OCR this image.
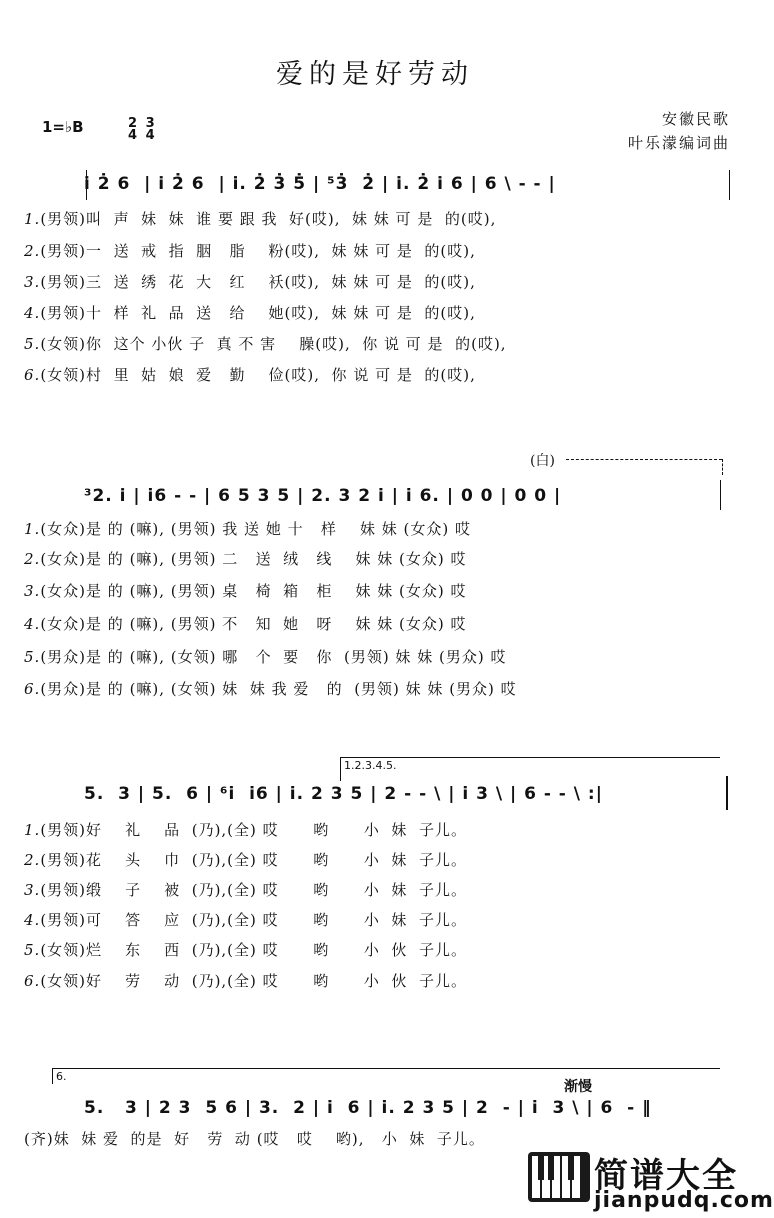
爱的是好劳动
1=♭B	2
4 3
4
安徽民歌
叶乐濛编词曲
i̇ 2̇ 6  | i̇ 2̇ 6  | i̇. 2̇ 3̇ 5̇ | ⁵3̇  2̇ | i̇. 2̇ i̇ 6 | 6 \ - - |
1.(男领)叫  声  妹  妹  谁 要 跟 我  好(哎),  妹 妹 可 是  的(哎),
2.(男领)一  送  戒  指  胭   脂    粉(哎),  妹 妹 可 是  的(哎),
3.(男领)三  送  绣  花  大   红    袄(哎),  妹 妹 可 是  的(哎),
4.(男领)十  样  礼  品  送   给    她(哎),  妹 妹 可 是  的(哎),
5.(女领)你  这个 小伙 子  真 不 害    臊(哎),  你 说 可 是  的(哎),
6.(女领)村  里  姑  娘  爱   勤    俭(哎),  你 说 可 是  的(哎),
(白)
³2. i̇ | i6 - - | 6 5 3 5 | 2. 3 2 i | i 6. | 0 0 | 0 0 |
1.(女众)是 的 (嘛), (男领) 我 送 她 十   样    妹 妹 (女众) 哎
2.(女众)是 的 (嘛), (男领) 二   送  绒   线    妹 妹 (女众) 哎
3.(女众)是 的 (嘛), (男领) 桌   椅  箱   柜    妹 妹 (女众) 哎
4.(女众)是 的 (嘛), (男领) 不   知  她   呀    妹 妹 (女众) 哎
5.(男众)是 的 (嘛), (女领) 哪   个  要   你  (男领) 妹 妹 (男众) 哎
6.(男众)是 的 (嘛), (女领) 妹  妹 我 爱   的  (男领) 妹 妹 (男众) 哎
1.2.3.4.5.
5.  3 | 5.  6 | ⁶i  i6 | i. 2 3 5 | 2 - - \ | i 3 \ | 6 - - \ :|
1.(男领)好    礼    品  (乃),(全) 哎      哟      小  妹  子儿。
2.(男领)花    头    巾  (乃),(全) 哎      哟      小  妹  子儿。
3.(男领)缎    子    被  (乃),(全) 哎      哟      小  妹  子儿。
4.(男领)可    答    应  (乃),(全) 哎      哟      小  妹  子儿。
5.(女领)烂    东    西  (乃),(全) 哎      哟      小  伙  子儿。
6.(女领)好    劳    动  (乃),(全) 哎      哟      小  伙  子儿。
6.
渐慢
5.   3 | 2 3  5 6 | 3.  2 | i  6 | i. 2 3 5 | 2  - | i  3 \ | 6  - ‖
(齐)妹  妹 爱  的是  好   劳  动 (哎   哎    哟),   小  妹  子儿。
简谱大全
jianpudq.com
